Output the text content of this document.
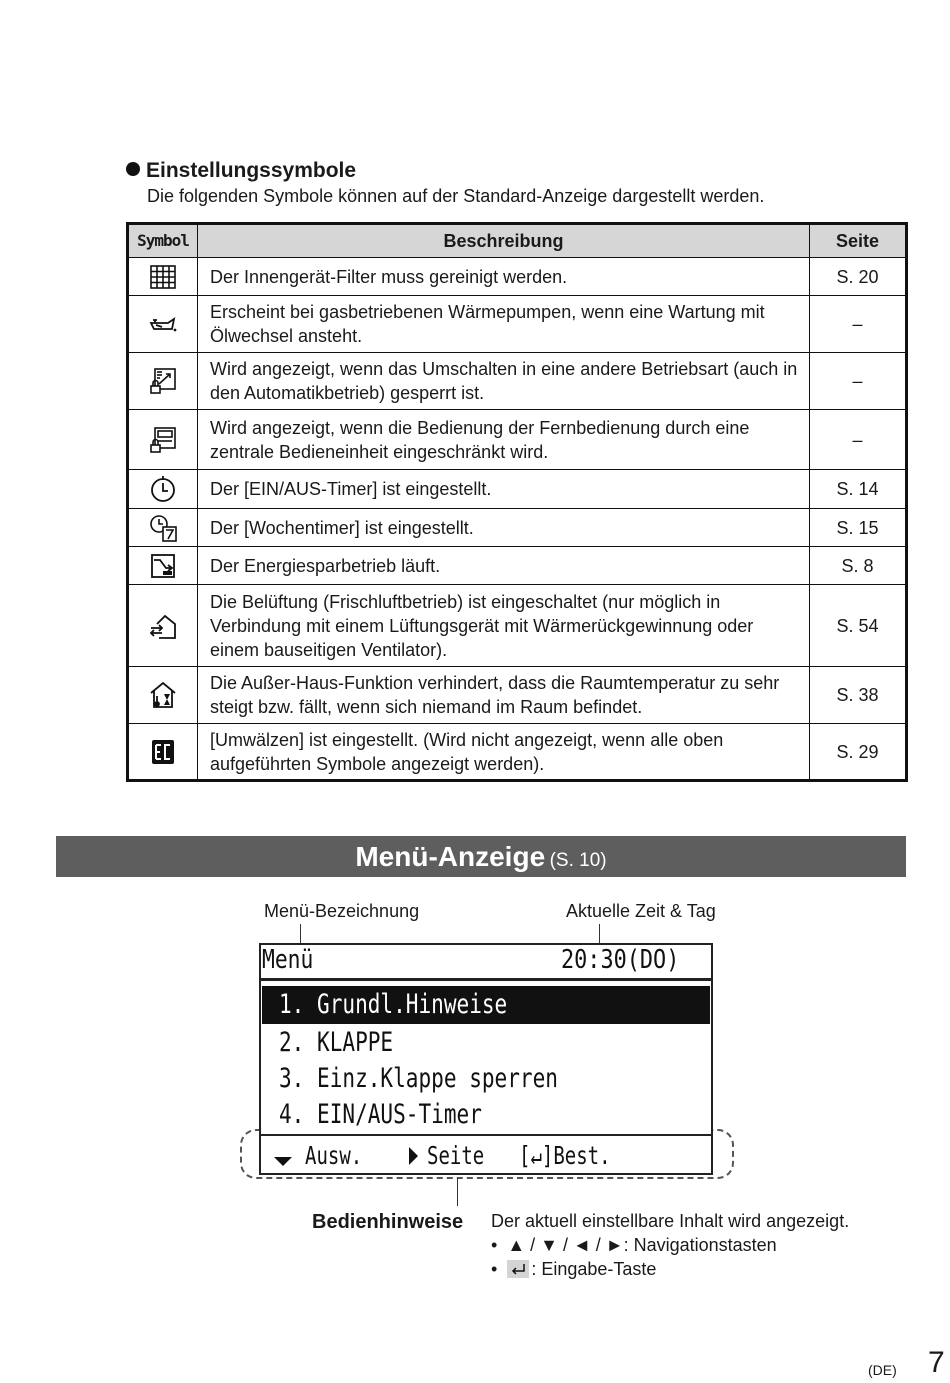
Einstellungssymbole
Die folgenden Symbole können auf der Standard-Anzeige dargestellt werden.
Symbol	Beschreibung	Seite

	Der Innengerät-Filter muss gereinigt werden.	S. 20

	Erscheint bei gasbetriebenen Wärmepumpen, wenn eine Wartung mit Ölwechsel ansteht.	–

	Wird angezeigt, wenn das Umschalten in eine andere Betriebsart (auch in den Automatikbetrieb) gesperrt ist.	–

	Wird angezeigt, wenn die Bedienung der Fernbedienung durch eine zentrale Bedieneinheit eingeschränkt wird.	–

	Der [EIN/AUS-Timer] ist eingestellt.	S. 14

	Der [Wochentimer] ist eingestellt.	S. 15

	Der Energiesparbetrieb läuft.	S. 8

	Die Belüftung (Frischluftbetrieb) ist eingeschaltet (nur möglich in Verbindung mit einem Lüftungsgerät mit Wärmerückgewinnung oder einem bauseitigen Ventilator).	S. 54

	Die Außer-Haus-Funktion verhindert, dass die Raumtemperatur zu sehr steigt bzw. fällt, wenn sich niemand im Raum befindet.	S. 38

	[Umwälzen] ist eingestellt. (Wird nicht angezeigt, wenn alle oben aufgeführten Symbole angezeigt werden).	S. 29
Menü-Anzeige (S. 10)
Menü-Bezeichnung	Aktuelle Zeit & Tag
Menü	20:30(DO)
1. Grundl.Hinweise
2. KLAPPE
3. Einz.Klappe sperren
4. EIN/AUS-Timer
Ausw.	Seite [↵]Best.
Bedienhinweise Der aktuell einstellbare Inhalt wird angezeigt.
•  ▲ / ▼ / ◄ / ►: Navigationstasten
•
: Eingabe-Taste
(DE) 7
